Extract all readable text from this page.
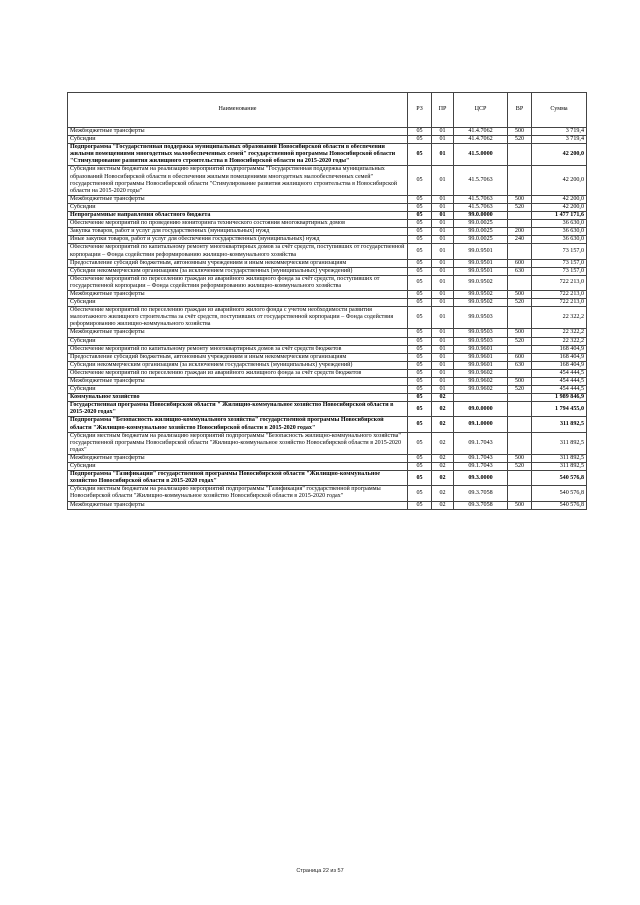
Наименование	РЗ	ПР	ЦСР	ВР	Сумма
Межбюджетные трансферты	05	01	41.4.7062	500	3 719,4
Субсидии	05	01	41.4.7062	520	3 719,4
Подпрограмма "Государственная поддержка муниципальных образований Новосибирской области в обеспечении жилыми помещениями многодетных малообеспеченных семей" государственной программы Новосибирской области "Стимулирование развития жилищного строительства в Новосибирской области на 2015-2020 годы"	05	01	41.5.0000		42 200,0
Субсидии местным бюджетам на реализацию мероприятий подпрограммы "Государственная поддержка муниципальных образований Новосибирской области в обеспечении жилыми помещениями многодетных малообеспеченных семей" государственной программы Новосибирской области "Стимулирование развития жилищного строительства в Новосибирской области на 2015-2020 годы"	05	01	41.5.7063		42 200,0
Межбюджетные трансферты	05	01	41.5.7063	500	42 200,0
Субсидии	05	01	41.5.7063	520	42 200,0
Непрограммные направления областного бюджета	05	01	99.0.0000		1 477 171,6
Обеспечение мероприятий по проведению мониторинга технического состояния многоквартирных домов	05	01	99.0.0025		36 630,0
Закупка товаров, работ и услуг для государственных (муниципальных) нужд	05	01	99.0.0025	200	36 630,0
Иные закупки товаров, работ и услуг для обеспечения государственных (муниципальных) нужд	05	01	99.0.0025	240	36 630,0
Обеспечение мероприятий по капитальному ремонту многоквартирных домов за счёт средств, поступивших от государственной корпорации – Фонда содействия реформированию жилищно-коммунального хозяйства	05	01	99.0.9501		73 157,0
Предоставление субсидий бюджетным, автономным учреждениям и иным некоммерческим организациям	05	01	99.0.9501	600	73 157,0
Субсидии некоммерческим организациям (за исключением государственных (муниципальных) учреждений)	05	01	99.0.9501	630	73 157,0
Обеспечение мероприятий по переселению граждан из аварийного жилищного фонда за счёт средств, поступивших от государственной корпорации – Фонда содействия реформированию жилищно-коммунального хозяйства	05	01	99.0.9502		722 213,0
Межбюджетные трансферты	05	01	99.0.9502	500	722 213,0
Субсидии	05	01	99.0.9502	520	722 213,0
Обеспечение мероприятий по переселению граждан из аварийного жилого фонда с учетом необходимости развития малоэтажного жилищного строительства за счёт средств, поступивших от государственной корпорации – Фонда содействия реформированию жилищно-коммунального хозяйства	05	01	99.0.9503		22 322,2
Межбюджетные трансферты	05	01	99.0.9503	500	22 322,2
Субсидии	05	01	99.0.9503	520	22 322,2
Обеспечение мероприятий по капитальному ремонту многоквартирных домов за счёт средств бюджетов	05	01	99.0.9601		168 404,9
Предоставление субсидий бюджетным, автономным учреждениям и иным некоммерческим организациям	05	01	99.0.9601	600	168 404,9
Субсидии некоммерческим организациям (за исключением государственных (муниципальных) учреждений)	05	01	99.0.9601	630	168 404,9
Обеспечение мероприятий по переселению граждан из аварийного жилищного фонда за счёт средств бюджетов	05	01	99.0.9602		454 444,5
Межбюджетные трансферты	05	01	99.0.9602	500	454 444,5
Субсидии	05	01	99.0.9602	520	454 444,5
Коммунальное хозяйство	05	02			1 989 846,9
Государственная программа Новосибирской области " Жилищно-коммунальное хозяйство Новосибирской области в 2015-2020 годах"	05	02	09.0.0000		1 794 455,0
Подпрограмма "Безопасность жилищно-коммунального хозяйства" государственной программы Новосибирской области "Жилищно-коммунальное хозяйство Новосибирской области в 2015-2020 годах"	05	02	09.1.0000		311 892,5
Субсидии местным бюджетам на реализацию мероприятий подпрограммы "Безопасность жилищно-коммунального хозяйства" государственной программы Новосибирской области "Жилищно-коммунальное хозяйство Новосибирской области в 2015-2020 годах"	05	02	09.1.7043		311 892,5
Межбюджетные трансферты	05	02	09.1.7043	500	311 892,5
Субсидии	05	02	09.1.7043	520	311 892,5
Подпрограмма "Газификация" государственной программы Новосибирской области "Жилищно-коммунальное хозяйство Новосибирской области в 2015-2020 годах"	05	02	09.3.0000		540 576,8
Субсидии местным бюджетам на реализацию мероприятий подпрограммы "Газификация" государственной программы Новосибирской области "Жилищно-коммунальное хозяйство Новосибирской области в 2015-2020 годах"	05	02	09.3.7058		540 576,8
Межбюджетные трансферты	05	02	09.3.7058	500	540 576,8
Страница 22 из 57
